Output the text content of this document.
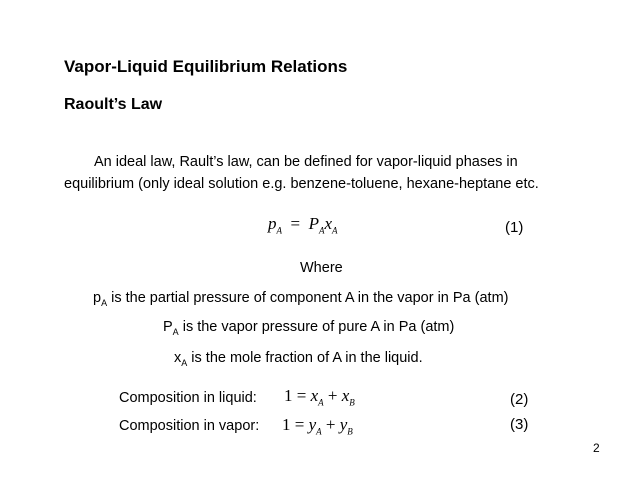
Vapor-Liquid Equilibrium Relations
Raoult’s Law
An ideal law, Rault’s law, can be defined for vapor-liquid phases in
equilibrium (only ideal solution e.g. benzene-toluene, hexane-heptane etc.
$p_A = P_Ax_A$	(1)
Where
$p_A$ is the partial pressure of component A in the vapor in Pa (atm)
$P_A$ is the vapor pressure of pure A in Pa (atm)
$x_A$ is the mole fraction of A in the liquid.
Composition in liquid: $1 = x_A + x_B$	(2)
Composition in vapor: $1 = y_A + y_B$	(3)
2
